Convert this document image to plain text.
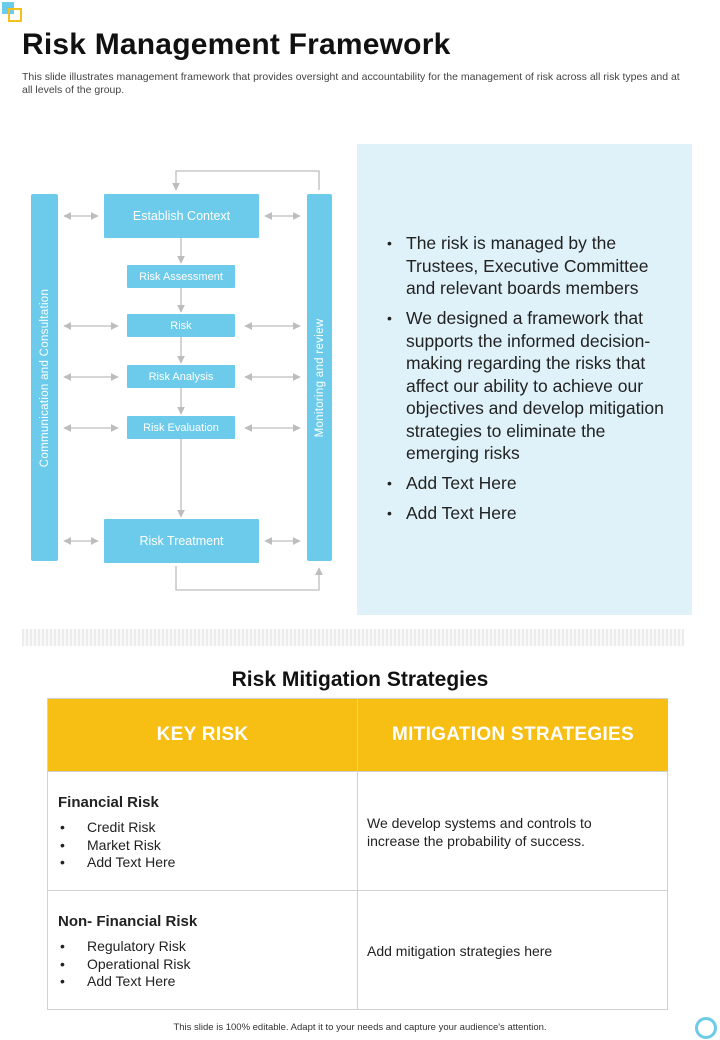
Risk Management Framework

This slide illustrates management framework that provides oversight and accountability for the management of risk across all risk types and at all levels of the group.

Communication and Consultation	Monitoring and review
Establish Context
Risk Assessment
Risk
Risk Analysis
Risk Evaluation
Risk Treatment
• The risk is managed by the Trustees, Executive Committee and relevant boards members
• We designed a framework that supports the informed decision-making regarding the risks that affect our ability to achieve our objectives and develop mitigation strategies to eliminate the emerging risks
• Add Text Here
• Add Text Here
Risk Mitigation Strategies
KEY RISK	MITIGATION STRATEGIES
Financial Risk
• Credit Risk
• Market Risk
• Add Text Here
We develop systems and controls to increase the probability of success.
Non- Financial Risk
• Regulatory Risk
• Operational Risk
• Add Text Here
Add mitigation strategies here
This slide is 100% editable. Adapt it to your needs and capture your audience's attention.
